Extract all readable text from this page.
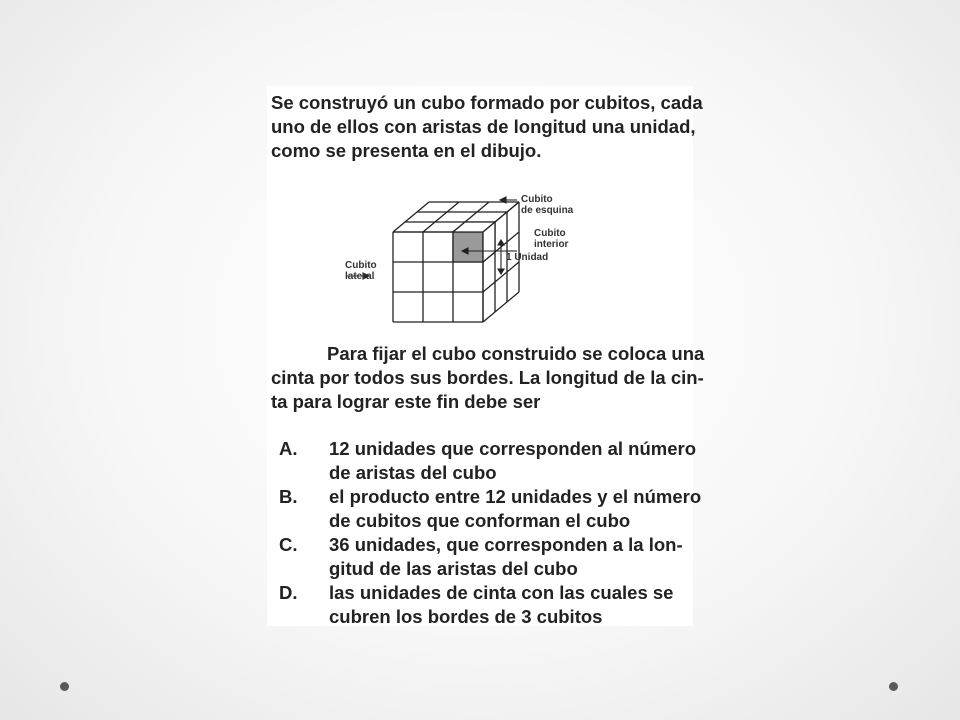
Se construyó un cubo formado por cubitos, cada
uno de ellos con aristas de longitud una unidad,
como se presenta en el dibujo.
Cubito
de esquina
Cubito
interior
1 Unidad
Cubito
lateral
Para fijar el cubo construido se coloca una
cinta por todos sus bordes. La longitud de la cin-
ta para lograr este fin debe ser
A. 12 unidades que corresponden al número
de aristas del cubo
B. el producto entre 12 unidades y el número
de cubitos que conforman el cubo
C. 36 unidades, que corresponden a la lon-
gitud de las aristas del cubo
D. las unidades de cinta con las cuales se
cubren los bordes de 3 cubitos
